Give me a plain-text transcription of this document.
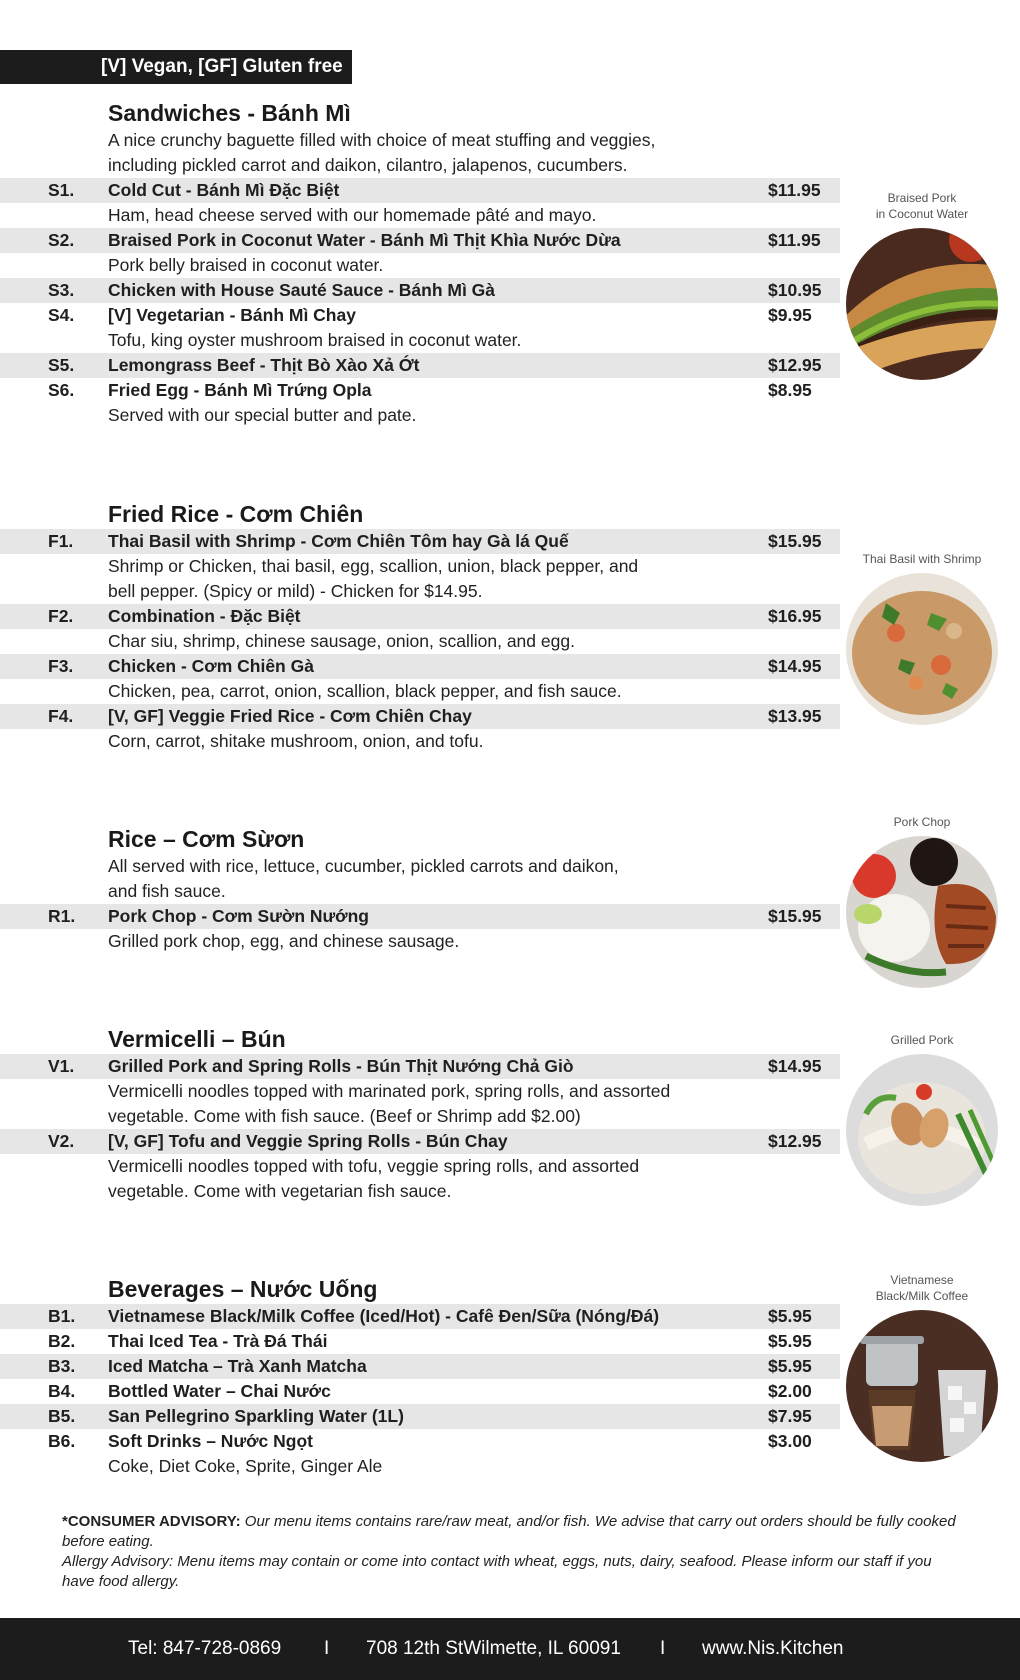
[V] Vegan, [GF] Gluten free
Sandwiches - Bánh Mì
A nice crunchy baguette filled with choice of meat stuffing and veggies,
including pickled carrot and daikon, cilantro, jalapenos, cucumbers.
S1. Cold Cut - Bánh Mì Đặc Biệt	$11.95
Ham, head cheese served with our homemade pâté and mayo.
S2. Braised Pork in Coconut Water - Bánh Mì Thịt Khìa Nước Dừa	$11.95
Pork belly braised in coconut water.
S3. Chicken with House Sauté Sauce - Bánh Mì Gà	$10.95
S4. [V] Vegetarian - Bánh Mì Chay	$9.95
Tofu, king oyster mushroom braised in coconut water.
S5. Lemongrass Beef - Thịt Bò Xào Xả Ớt	$12.95
S6. Fried Egg - Bánh Mì Trứng Opla	$8.95
Served with our special butter and pate.
Braised Pork
in Coconut Water
Fried Rice - Cơm Chiên
F1. Thai Basil with Shrimp - Cơm Chiên Tôm hay Gà lá Quế	$15.95
Shrimp or Chicken, thai basil, egg, scallion, union, black pepper, and
bell pepper. (Spicy or mild) - Chicken for $14.95.
F2. Combination - Đặc Biệt	$16.95
Char siu, shrimp, chinese sausage, onion, scallion, and egg.
F3. Chicken - Cơm Chiên Gà	$14.95
Chicken, pea, carrot, onion, scallion, black pepper, and fish sauce.
F4. [V, GF] Veggie Fried Rice - Cơm Chiên Chay	$13.95
Corn, carrot, shitake mushroom, onion, and tofu.
Thai Basil with Shrimp
Rice – Cơm Sừơn
All served with rice, lettuce, cucumber, pickled carrots and daikon,
and fish sauce.
R1. Pork Chop - Cơm Sườn Nướng	$15.95
Grilled pork chop, egg, and chinese sausage.
Pork Chop
Vermicelli – Bún
V1. Grilled Pork and Spring Rolls - Bún Thịt Nướng Chả Giò	$14.95
Vermicelli noodles topped with marinated pork, spring rolls, and assorted
vegetable. Come with fish sauce. (Beef or Shrimp add $2.00)
V2. [V, GF] Tofu and Veggie Spring Rolls - Bún Chay	$12.95
Vermicelli noodles topped with tofu, veggie spring rolls, and assorted
vegetable. Come with vegetarian fish sauce.
Grilled Pork
Beverages – Nước Uống
B1. Vietnamese Black/Milk Coffee (Iced/Hot) - Cafê Đen/Sữa (Nóng/Đá)	$5.95
B2. Thai Iced Tea - Trà Đá Thái	$5.95
B3. Iced Matcha – Trà Xanh Matcha	$5.95
B4. Bottled Water – Chai Nước	$2.00
B5. San Pellegrino Sparkling Water (1L)	$7.95
B6. Soft Drinks – Nước Ngọt	$3.00
Coke, Diet Coke, Sprite, Ginger Ale
Vietnamese
Black/Milk Coffee
*CONSUMER ADVISORY: Our menu items contains rare/raw meat, and/or fish. We advise that carry out orders should be fully cooked before eating.
Allergy Advisory: Menu items may contain or come into contact with wheat, eggs, nuts, dairy, seafood. Please inform our staff if you have food allergy.
Tel: 847-728-0869 I 708 12th StWilmette, IL 60091 I www.Nis.Kitchen
